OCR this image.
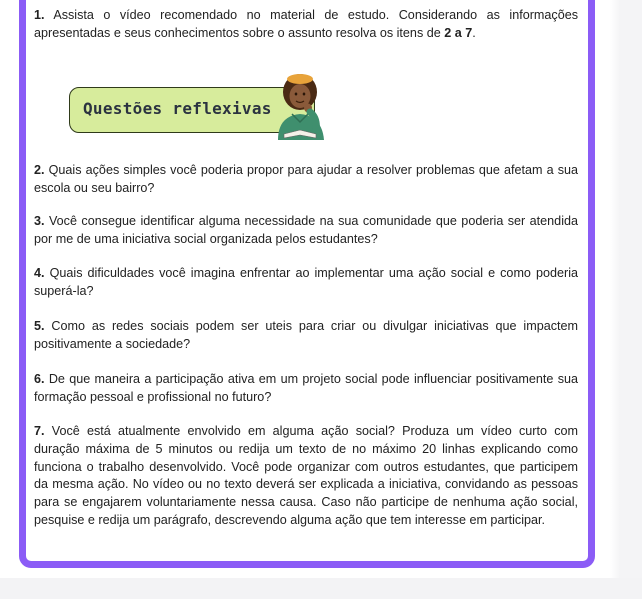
1. Assista o vídeo recomendado no material de estudo. Considerando as informações apresentadas e seus conhecimentos sobre o assunto resolva os itens de 2 a 7.

Questões reflexivas

2. Quais ações simples você poderia propor para ajudar a resolver problemas que afetam a sua escola ou seu bairro?

3. Você consegue identificar alguma necessidade na sua comunidade que poderia ser atendida por me de uma iniciativa social organizada pelos estudantes?

4. Quais dificuldades você imagina enfrentar ao implementar uma ação social e como poderia superá-la?

5. Como as redes sociais podem ser uteis para criar ou divulgar iniciativas que impactem positivamente a sociedade?

6. De que maneira a participação ativa em um projeto social pode influenciar positivamente sua formação pessoal e profissional no futuro?

7. Você está atualmente envolvido em alguma ação social? Produza um vídeo curto com duração máxima de 5 minutos ou redija um texto de no máximo 20 linhas explicando como funciona o trabalho desenvolvido. Você pode organizar com outros estudantes, que participem da mesma ação. No vídeo ou no texto deverá ser explicada a iniciativa, convidando as pessoas para se engajarem voluntariamente nessa causa. Caso não participe de nenhuma ação social, pesquise e redija um parágrafo, descrevendo alguma ação que tem interesse em participar.
